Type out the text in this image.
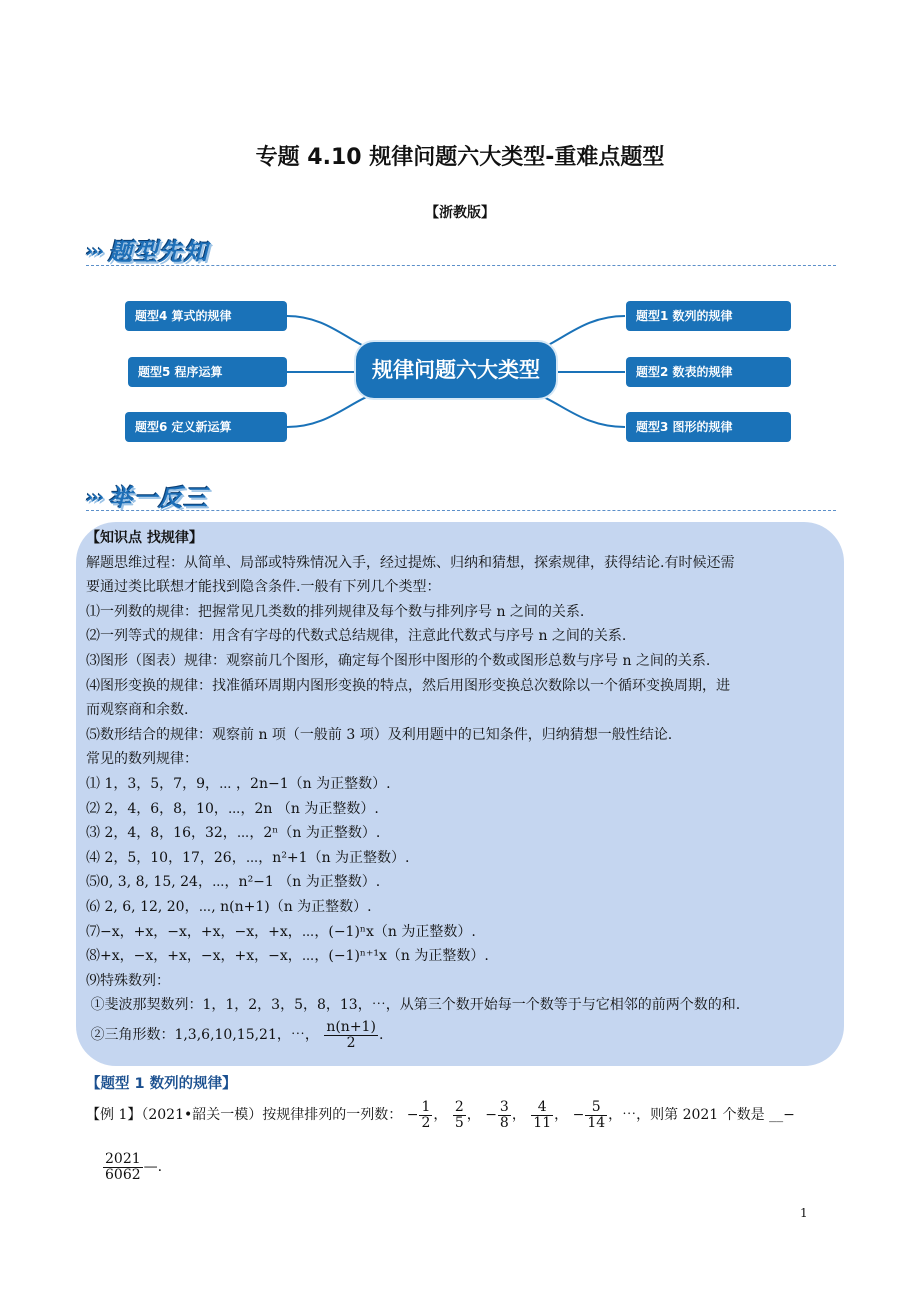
专题 4.10 规律问题六大类型-重难点题型
【浙教版】
››› 题型先知
题型4 算式的规律
题型5 程序运算
题型6 定义新运算
规律问题六大类型
题型1 数列的规律
题型2 数表的规律
题型3 图形的规律
››› 举一反三
【知识点 找规律】
解题思维过程：从简单、局部或特殊情况入手，经过提炼、归纳和猜想，探索规律，获得结论.有时候还需
要通过类比联想才能找到隐含条件.一般有下列几个类型：
⑴一列数的规律：把握常见几类数的排列规律及每个数与排列序号 n 之间的关系.
⑵一列等式的规律：用含有字母的代数式总结规律，注意此代数式与序号 n 之间的关系.
⑶图形（图表）规律：观察前几个图形，确定每个图形中图形的个数或图形总数与序号 n 之间的关系.
⑷图形变换的规律：找准循环周期内图形变换的特点，然后用图形变换总次数除以一个循环变换周期，进
而观察商和余数.
⑸数形结合的规律：观察前 n 项（一般前 3 项）及利用题中的已知条件，归纳猜想一般性结论.
常见的数列规律：
⑴ 1，3，5，7，9，⋯ ，2n−1（n 为正整数）.
⑵ 2，4，6，8，10，⋯，2n （n 为正整数）.
⑶ 2，4，8，16，32，⋯，2ⁿ（n 为正整数）.
⑷ 2，5，10，17，26，⋯，n²+1（n 为正整数）.
⑸0, 3, 8, 15, 24，⋯，n²−1 （n 为正整数）.
⑹ 2, 6, 12, 20，⋯, n(n+1)（n 为正整数）.
⑺−x，+x，−x，+x，−x，+x，⋯，(−1)ⁿx（n 为正整数）.
⑻+x，−x，+x，−x，+x，−x，⋯，(−1)ⁿ⁺¹x（n 为正整数）.
⑼特殊数列：
①斐波那契数列：1，1，2，3，5，8，13，⋯，从第三个数开始每一个数等于与它相邻的前两个数的和.
②三角形数：1,3,6,10,15,21，⋯， $\frac{n(n+1)}{2}$ .
【题型 1 数列的规律】
【例 1】（2021•韶关一模）按规律排列的一列数： − $\frac{1}{2}$ ， $\frac{2}{5}$ ， − $\frac{3}{8}$ ， $\frac{4}{11}$ ， − $\frac{5}{14}$ ，⋯，则第 2021 个数是 __−
$\frac{2021}{6062}$ —.
1
